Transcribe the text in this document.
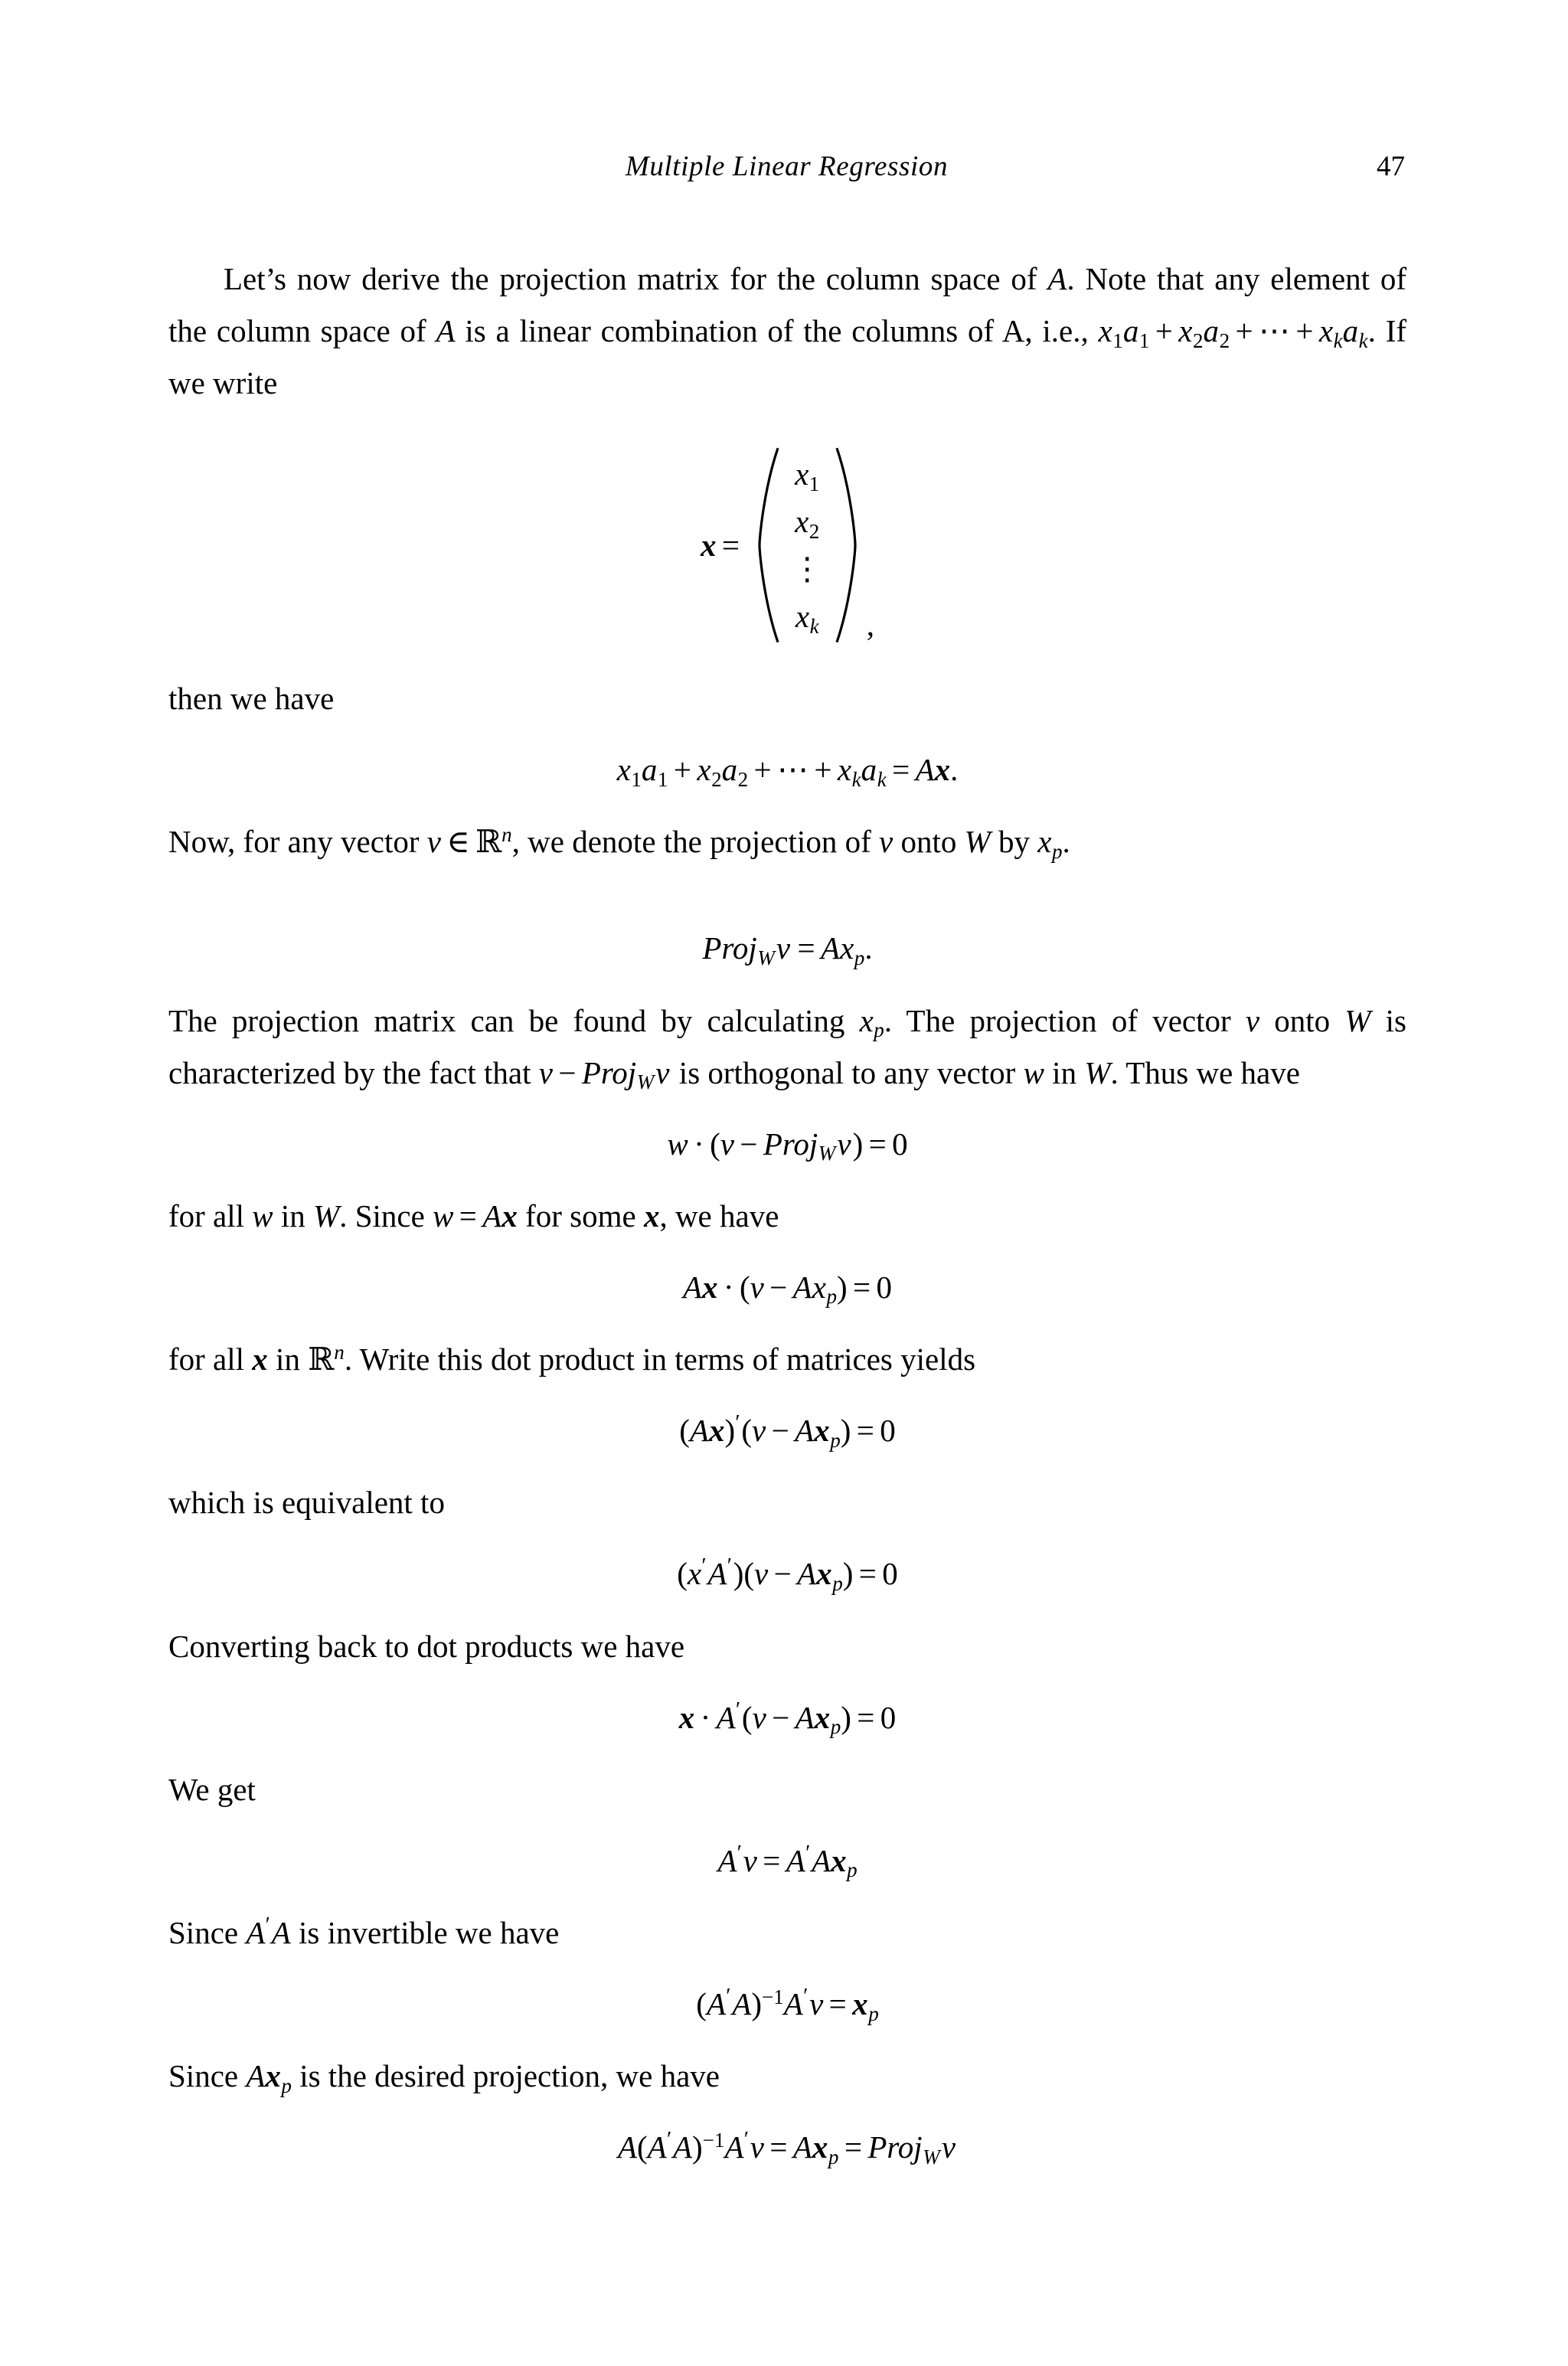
Multiple Linear Regression	47

Let’s now derive the projection matrix for the column space of A. Note that any element of the column space of A is a linear combination of the columns of A, i.e., $x_1a_1 + x_2a_2$ + ⋯ + $x_ka_k$. If we write

x =
$x_1$
$x_2$
⋮
$x_k$ ,

then we have

$x_1a_1 + x_2a_2$ + ⋯ + $x_ka_k = Ax$.

Now, for any vector v ∈ ℝ$^n$, we denote the projection of v onto W by $x_p$.

Proj$_W$v = $Ax_p$.

The projection matrix can be found by calculating $x_p$. The projection of vector v onto W is characterized by the fact that v − Proj$_W$v is orthogonal to any vector w in W. Thus we have

w · (v − Proj$_W$v) = 0

for all w in W. Since w = Ax for some x, we have

$Ax \cdot (v - Ax_p) = 0$

for all x in ℝ$^n$. Write this dot product in terms of matrices yields

$(Ax)'(v - Ax_p) = 0$

which is equivalent to

$(x'A')(v - Ax_p) = 0$

Converting back to dot products we have

$x \cdot A'(v - Ax_p) = 0$

We get

$A'v = A'Ax_p$

Since A′A is invertible we have

$(A'A)^{-1}A'v = x_p$

Since $Ax_p$ is the desired projection, we have

$A(A'A)^{-1}A'v = Ax_p$ = Proj$_W$v
